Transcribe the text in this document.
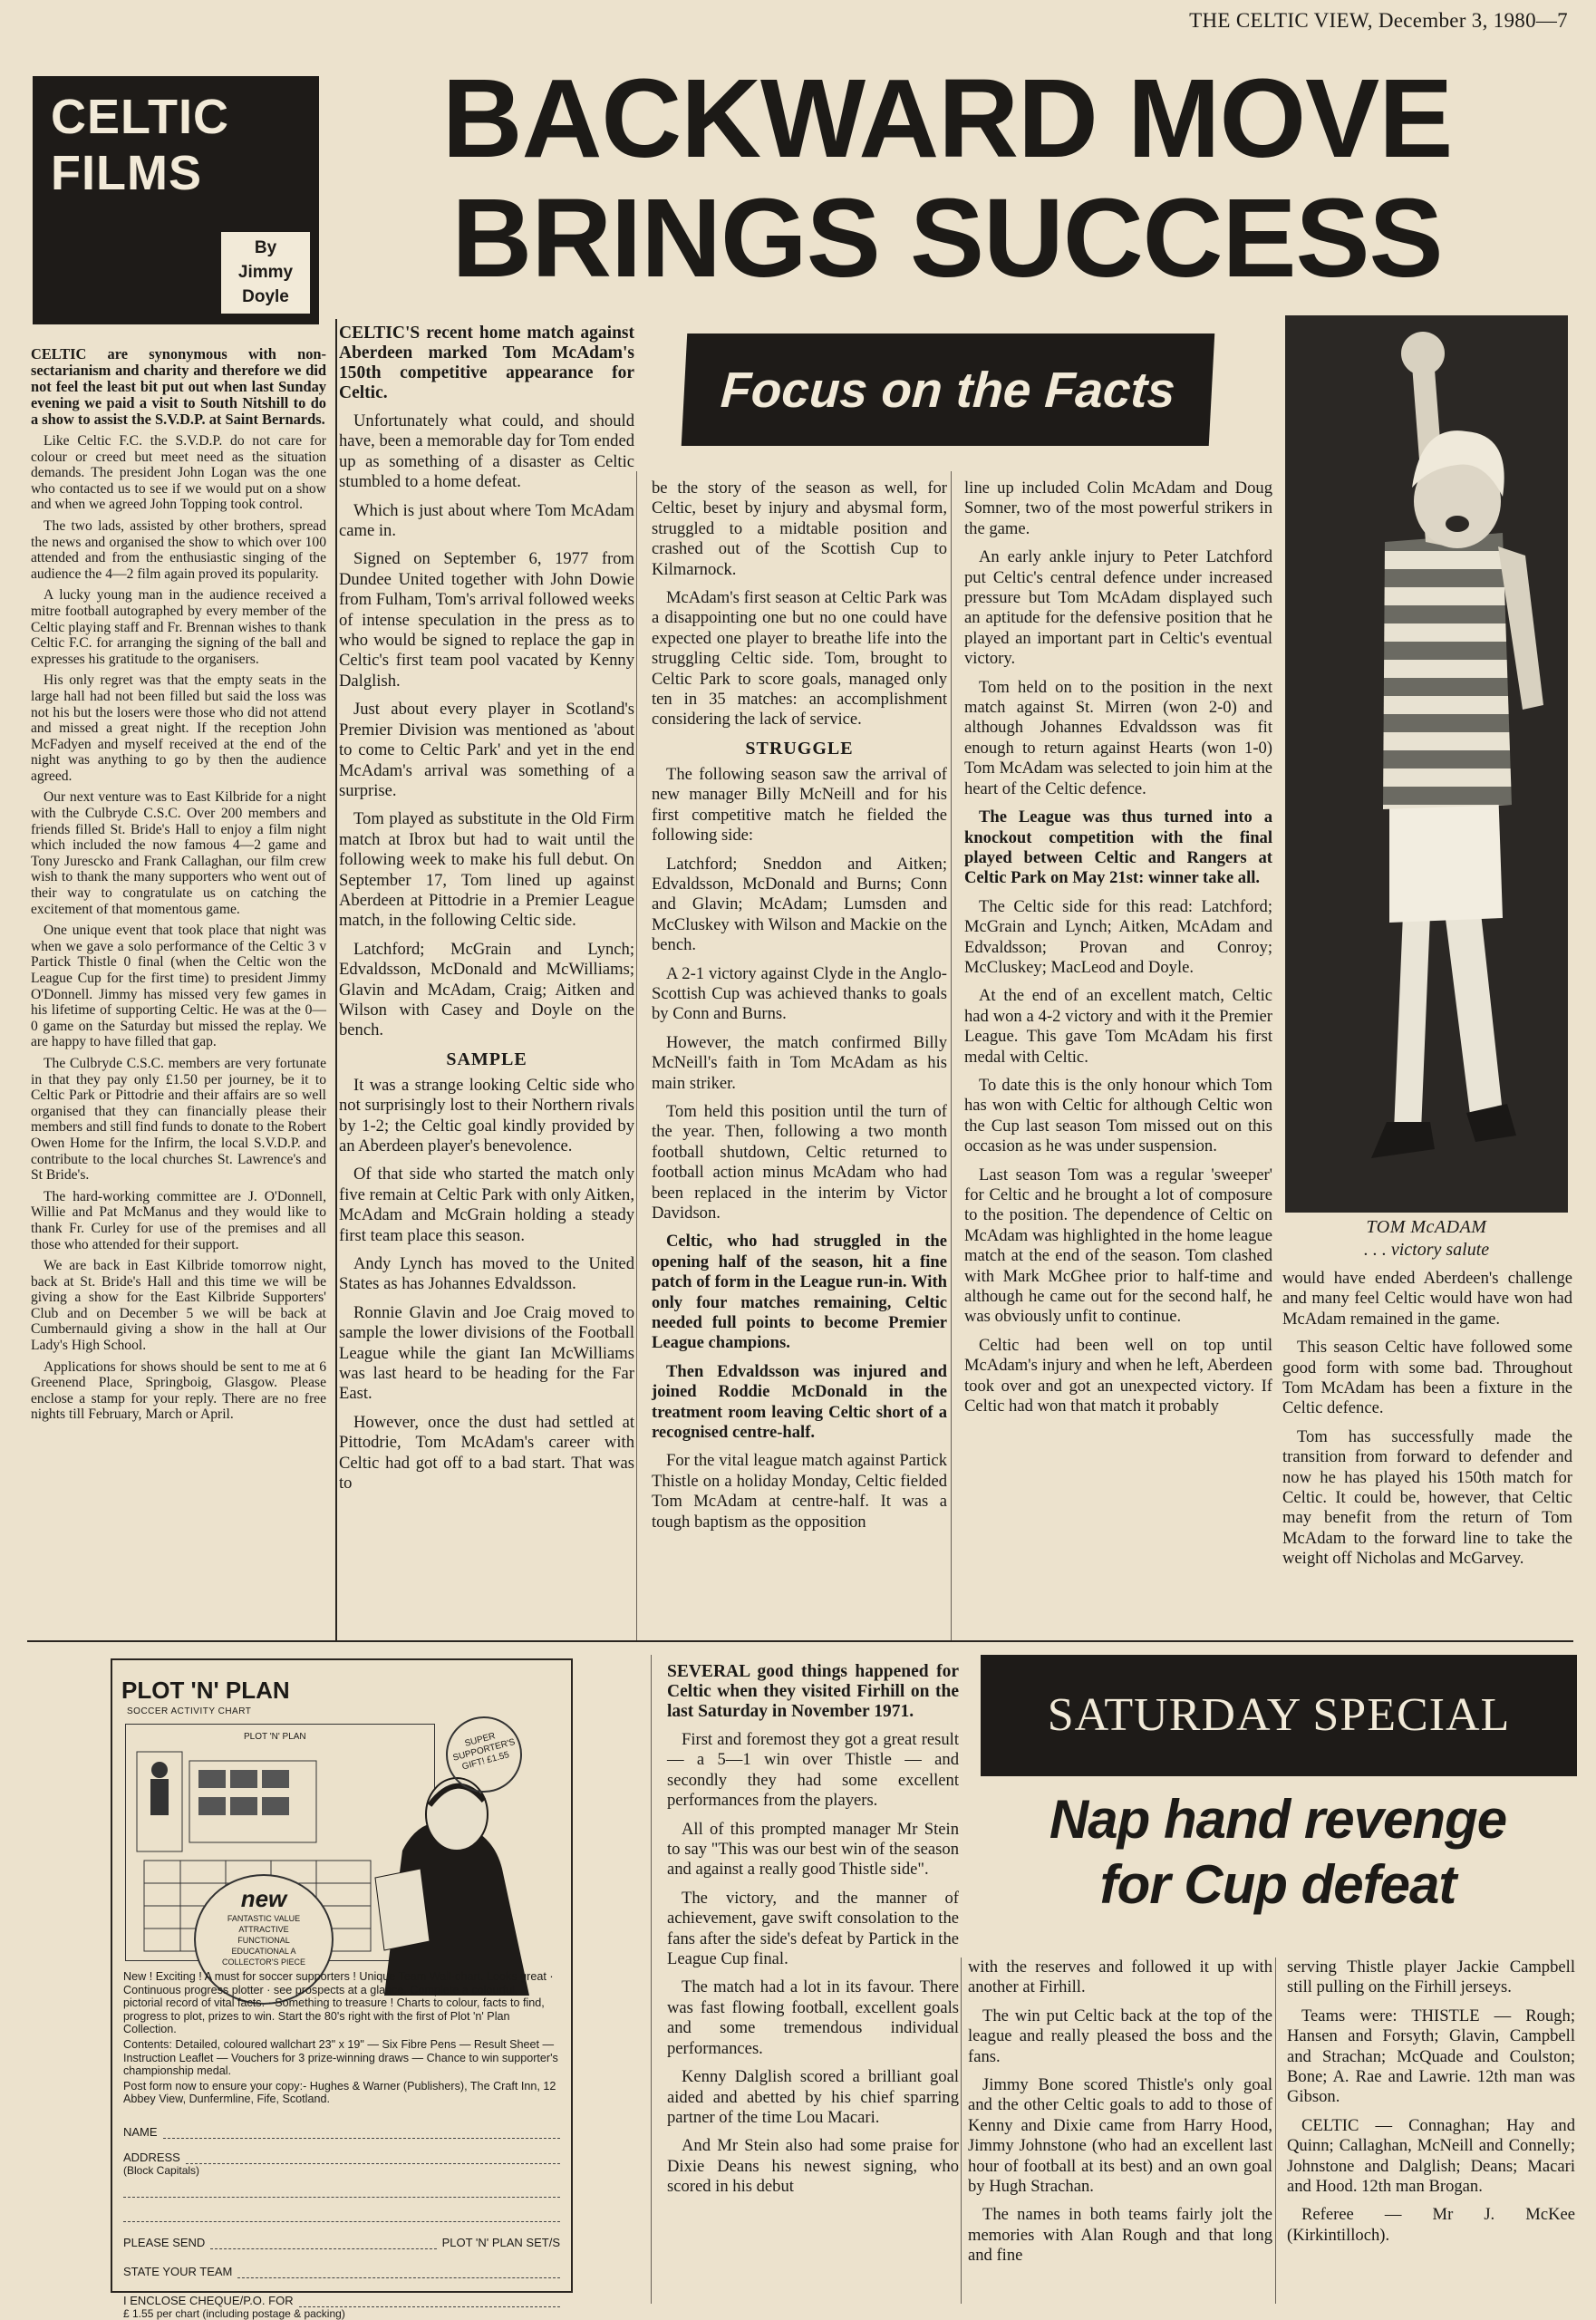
THE CELTIC VIEW, December 3, 1980—7
CELTIC
FILMS
By
Jimmy
Doyle

CELTIC are synonymous with non-sectarianism and charity and therefore we did not feel the least bit put out when last Sunday evening we paid a visit to South Nitshill to do a show to assist the S.V.D.P. at Saint Bernards.

Like Celtic F.C. the S.V.D.P. do not care for colour or creed but meet need as the situation demands. The president John Logan was the one who contacted us to see if we would put on a show and when we agreed John Topping took control.

The two lads, assisted by other brothers, spread the news and organised the show to which over 100 attended and from the enthusiastic singing of the audience the 4—2 film again proved its popularity.

A lucky young man in the audience received a mitre football autographed by every member of the Celtic playing staff and Fr. Brennan wishes to thank Celtic F.C. for arranging the signing of the ball and expresses his gratitude to the organisers.

His only regret was that the empty seats in the large hall had not been filled but said the loss was not his but the losers were those who did not attend and missed a great night. If the reception John McFadyen and myself received at the end of the night was anything to go by then the audience agreed.

Our next venture was to East Kilbride for a night with the Culbryde C.S.C. Over 200 members and friends filled St. Bride's Hall to enjoy a film night which included the now famous 4—2 game and Tony Jurescko and Frank Callaghan, our film crew wish to thank the many supporters who went out of their way to congratulate us on catching the excitement of that momentous game.

One unique event that took place that night was when we gave a solo performance of the Celtic 3 v Partick Thistle 0 final (when the Celtic won the League Cup for the first time) to president Jimmy O'Donnell. Jimmy has missed very few games in his lifetime of supporting Celtic. He was at the 0—0 game on the Saturday but missed the replay. We are happy to have filled that gap.

The Culbryde C.S.C. members are very fortunate in that they pay only £1.50 per journey, be it to Celtic Park or Pittodrie and their affairs are so well organised that they can financially please their members and still find funds to donate to the Robert Owen Home for the Infirm, the local S.V.D.P. and contribute to the local churches St. Lawrence's and St Bride's.

The hard-working committee are J. O'Donnell, Willie and Pat McManus and they would like to thank Fr. Curley for use of the premises and all those who attended for their support.

We are back in East Kilbride tomorrow night, back at St. Bride's Hall and this time we will be giving a show for the East Kilbride Supporters' Club and on December 5 we will be back at Cumbernauld giving a show in the hall at Our Lady's High School.

Applications for shows should be sent to me at 6 Greenend Place, Springboig, Glasgow. Please enclose a stamp for your reply. There are no free nights till February, March or April.

BACKWARD MOVE
BRINGS SUCCESS

CELTIC'S recent home match against Aberdeen marked Tom McAdam's 150th competitive appearance for Celtic.

Unfortunately what could, and should have, been a memorable day for Tom ended up as something of a disaster as Celtic stumbled to a home defeat.

Which is just about where Tom McAdam came in.

Signed on September 6, 1977 from Dundee United together with John Dowie from Fulham, Tom's arrival followed weeks of intense speculation in the press as to who would be signed to replace the gap in Celtic's first team pool vacated by Kenny Dalglish.

Just about every player in Scotland's Premier Division was mentioned as 'about to come to Celtic Park' and yet in the end McAdam's arrival was something of a surprise.

Tom played as substitute in the Old Firm match at Ibrox but had to wait until the following week to make his full debut. On September 17, Tom lined up against Aberdeen at Pittodrie in a Premier League match, in the following Celtic side.

Latchford; McGrain and Lynch; Edvaldsson, McDonald and McWilliams; Glavin and McAdam, Craig; Aitken and Wilson with Casey and Doyle on the bench.

SAMPLE

It was a strange looking Celtic side who not surprisingly lost to their Northern rivals by 1-2; the Celtic goal kindly provided by an Aberdeen player's benevolence.

Of that side who started the match only five remain at Celtic Park with only Aitken, McAdam and McGrain holding a steady first team place this season.

Andy Lynch has moved to the United States as has Johannes Edvaldsson.

Ronnie Glavin and Joe Craig moved to sample the lower divisions of the Football League while the giant Ian McWilliams was last heard to be heading for the Far East.

However, once the dust had settled at Pittodrie, Tom McAdam's career with Celtic had got off to a bad start. That was to

Focus on the Facts

be the story of the season as well, for Celtic, beset by injury and abysmal form, struggled to a midtable position and crashed out of the Scottish Cup to Kilmarnock.

McAdam's first season at Celtic Park was a disappointing one but no one could have expected one player to breathe life into the struggling Celtic side. Tom, brought to Celtic Park to score goals, managed only ten in 35 matches: an accomplishment considering the lack of service.

STRUGGLE

The following season saw the arrival of new manager Billy McNeill and for his first competitive match he fielded the following side:

Latchford; Sneddon and Aitken; Edvaldsson, McDonald and Burns; Conn and Glavin; McAdam; Lumsden and McCluskey with Wilson and Mackie on the bench.

A 2-1 victory against Clyde in the Anglo-Scottish Cup was achieved thanks to goals by Conn and Burns.

However, the match confirmed Billy McNeill's faith in Tom McAdam as his main striker.

Tom held this position until the turn of the year. Then, following a two month football shutdown, Celtic returned to football action minus McAdam who had been replaced in the interim by Victor Davidson.

Celtic, who had struggled in the opening half of the season, hit a fine patch of form in the League run-in. With only four matches remaining, Celtic needed full points to become Premier League champions.

Then Edvaldsson was injured and joined Roddie McDonald in the treatment room leaving Celtic short of a recognised centre-half.

For the vital league match against Partick Thistle on a holiday Monday, Celtic fielded Tom McAdam at centre-half. It was a tough baptism as the opposition

line up included Colin McAdam and Doug Somner, two of the most powerful strikers in the game.

An early ankle injury to Peter Latchford put Celtic's central defence under increased pressure but Tom McAdam displayed such an aptitude for the defensive position that he played an important part in Celtic's eventual victory.

Tom held on to the position in the next match against St. Mirren (won 2-0) and although Johannes Edvaldsson was fit enough to return against Hearts (won 1-0) Tom McAdam was selected to join him at the heart of the Celtic defence.

The League was thus turned into a knockout competition with the final played between Celtic and Rangers at Celtic Park on May 21st: winner take all.

The Celtic side for this read: Latchford; McGrain and Lynch; Aitken, McAdam and Edvaldsson; Provan and Conroy; McCluskey; MacLeod and Doyle.

At the end of an excellent match, Celtic had won a 4-2 victory and with it the Premier League. This gave Tom McAdam his first medal with Celtic.

To date this is the only honour which Tom has won with Celtic for although Celtic won the Cup last season Tom missed out on this occasion as he was under suspension.

Last season Tom was a regular 'sweeper' for Celtic and he brought a lot of composure to the position. The dependence of Celtic on McAdam was highlighted in the home league match at the end of the season. Tom clashed with Mark McGhee prior to half-time and although he came out for the second half, he was obviously unfit to continue.

Celtic had been well on top until McAdam's injury and when he left, Aberdeen took over and got an unexpected victory. If Celtic had won that match it probably

TOM McADAM
. . . victory salute

would have ended Aberdeen's challenge and many feel Celtic would have won had McAdam remained in the game.

This season Celtic have followed some good form with some bad. Throughout Tom McAdam has been a fixture in the Celtic defence.

Tom has successfully made the transition from forward to defender and now he has played his 150th match for Celtic. It could be, however, that Celtic may benefit from the return of Tom McAdam to the forward line to take the weight off Nicholas and McGarvey.

PLOT 'N' PLAN
SOCCER ACTIVITY CHART
PLOT 'N' PLAN	SUPER SUPPORTER'S GIFT! £1.55
new
FANTASTIC VALUE ATTRACTIVE FUNCTIONAL EDUCATIONAL A COLLECTOR'S PIECE
New ! Exciting ! A must for soccer supporters ! Unique Team Wall-chart. Looks great · Continuous progress plotter · see prospects at a glance. Complete a colourful, pictorial record of vital facts. · Something to treasure ! Charts to colour, facts to find, progress to plot, prizes to win. Start the 80's right with the first of Plot 'n' Plan Collection.
Contents: Detailed, coloured wallchart 23" x 19" — Six Fibre Pens — Result Sheet — Instruction Leaflet — Vouchers for 3 prize-winning draws — Chance to win supporter's championship medal.
Post form now to ensure your copy:- Hughes & Warner (Publishers), The Craft Inn, 12 Abbey View, Dunfermline, Fife, Scotland.
NAME
ADDRESS
(Block Capitals)
PLEASE SEND	PLOT 'N' PLAN SET/S
STATE YOUR TEAM
I ENCLOSE CHEQUE/P.O. FOR
£ 1.55 per chart (including postage & packing)

SEVERAL good things happened for Celtic when they visited Firhill on the last Saturday in November 1971.

First and foremost they got a great result — a 5—1 win over Thistle — and secondly they had some excellent performances from the players.

All of this prompted manager Mr Stein to say "This was our best win of the season and against a really good Thistle side".

The victory, and the manner of achievement, gave swift consolation to the fans after the side's defeat by Partick in the League Cup final.

The match had a lot in its favour. There was fast flowing football, excellent goals and some tremendous individual performances.

Kenny Dalglish scored a brilliant goal aided and abetted by his chief sparring partner of the time Lou Macari.

And Mr Stein also had some praise for Dixie Deans his newest signing, who scored in his debut

SATURDAY SPECIAL
Nap hand revenge
for Cup defeat

with the reserves and followed it up with another at Firhill.

The win put Celtic back at the top of the league and really pleased the boss and the fans.

Jimmy Bone scored Thistle's only goal and the other Celtic goals to add to those of Kenny and Dixie came from Harry Hood, Jimmy Johnstone (who had an excellent last hour of football at its best) and an own goal by Hugh Strachan.

The names in both teams fairly jolt the memories with Alan Rough and that long and fine

serving Thistle player Jackie Campbell still pulling on the Firhill jerseys.

Teams were: THISTLE — Rough; Hansen and Forsyth; Glavin, Campbell and Strachan; McQuade and Coulston; Bone; A. Rae and Lawrie. 12th man was Gibson.

CELTIC — Connaghan; Hay and Quinn; Callaghan, McNeill and Connelly; Johnstone and Dalglish; Deans; Macari and Hood. 12th man Brogan.

Referee — Mr J. McKee (Kirkintilloch).
